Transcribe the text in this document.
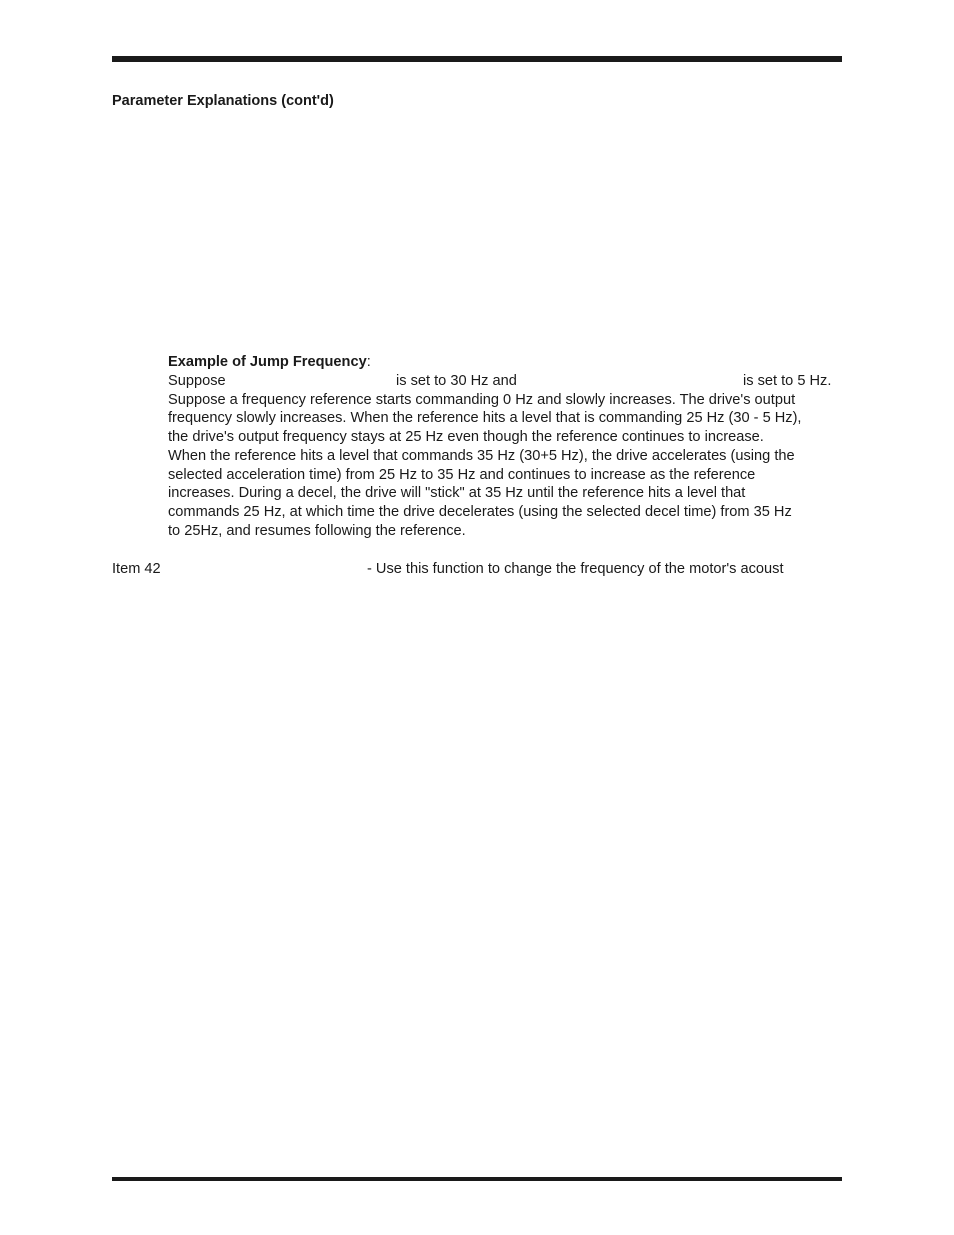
Parameter Explanations (cont'd)
Example of Jump Frequency:
Suppose	is set to 30 Hz and	is set to 5 Hz.
Suppose a frequency reference starts commanding 0 Hz and slowly increases. The drive's output
frequency slowly increases. When the reference hits a level that is commanding 25 Hz (30 - 5 Hz),
the drive's output frequency stays at 25 Hz even though the reference continues to increase.
When the reference hits a level that commands 35 Hz (30+5 Hz), the drive accelerates (using the
selected acceleration time) from 25 Hz to 35 Hz and continues to increase as the reference
increases. During a decel, the drive will "stick" at 35 Hz until the reference hits a level that
commands 25 Hz, at which time the drive decelerates (using the selected decel time) from 35 Hz
to 25Hz, and resumes following the reference.
Item 42	- Use this function to change the frequency of the motor's acoust
